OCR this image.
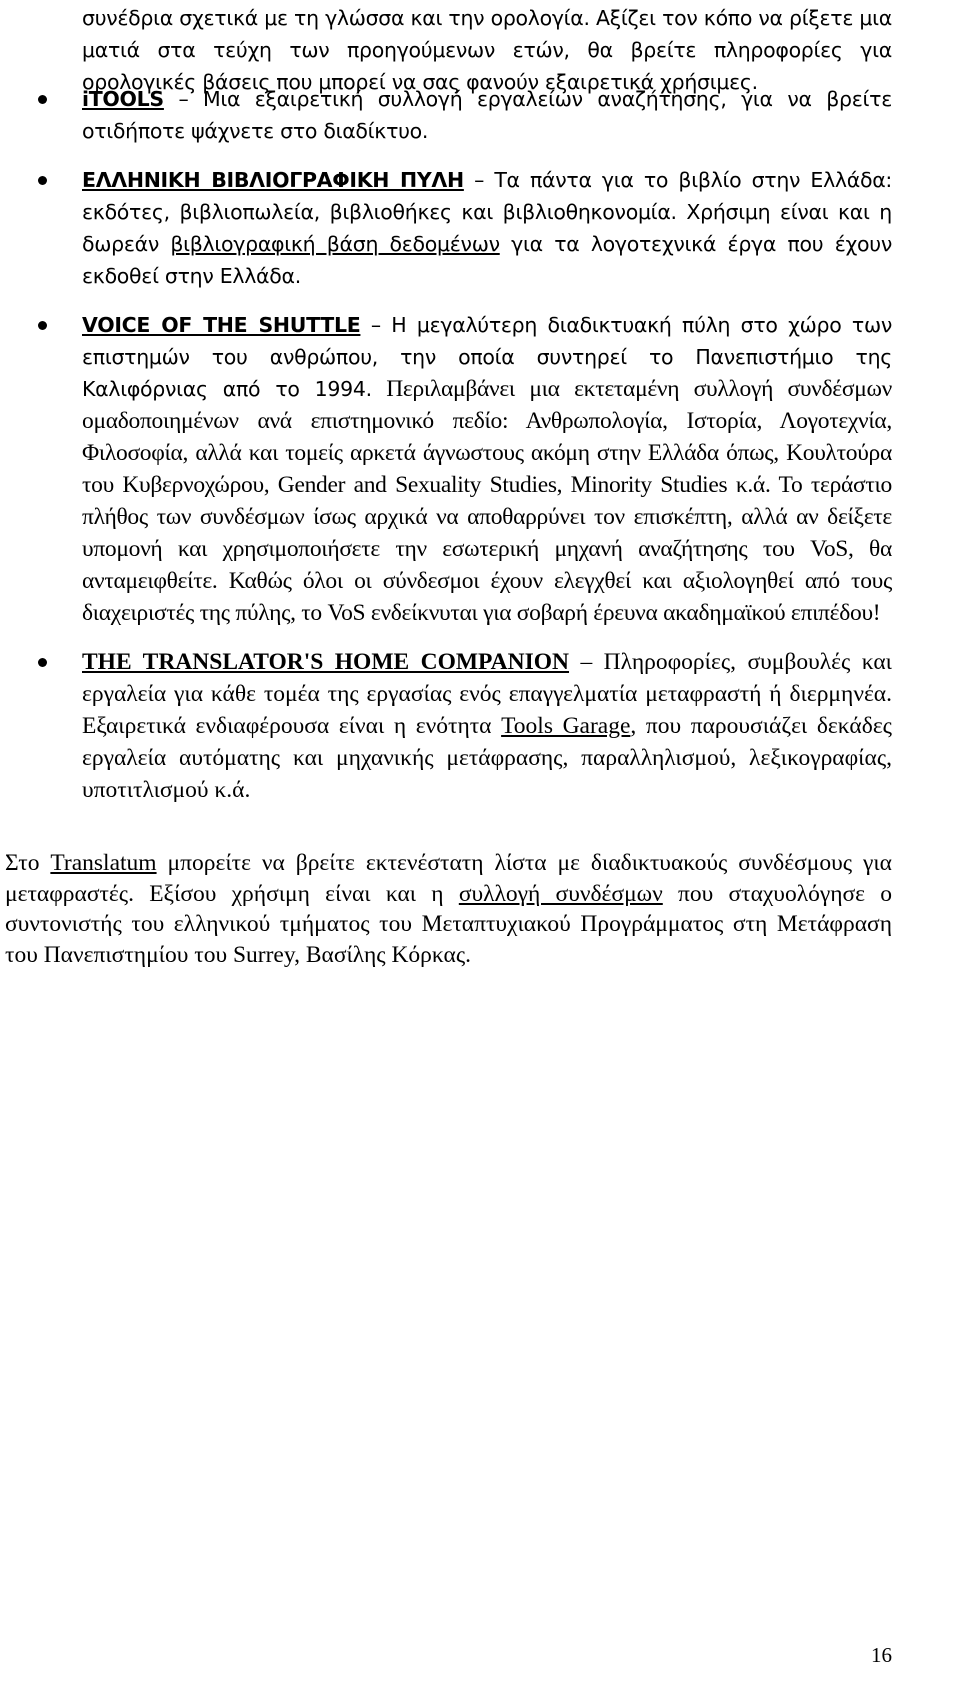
συνέδρια σχετικά με τη γλώσσα και την ορολογία. Αξίζει τον κόπο να ρίξετε μια ματιά στα τεύχη των προηγούμενων ετών, θα βρείτε πληροφορίες για ορολογικές βάσεις που μπορεί να σας φανούν εξαιρετικά χρήσιμες.

iTOOLS – Μια εξαιρετική συλλογή εργαλείων αναζήτησης, για να βρείτε οτιδήποτε ψάχνετε στο διαδίκτυο.
ΕΛΛΗΝΙΚΗ ΒΙΒΛΙΟΓΡΑΦΙΚΗ ΠΥΛΗ – Τα πάντα για το βιβλίο στην Ελλάδα: εκδότες, βιβλιοπωλεία, βιβλιοθήκες και βιβλιοθηκονομία. Χρήσιμη είναι και η δωρεάν βιβλιογραφική βάση δεδομένων για τα λογοτεχνικά έργα που έχουν εκδοθεί στην Ελλάδα.
VOICE OF THE SHUTTLE – Η μεγαλύτερη διαδικτυακή πύλη στο χώρο των επιστημών του ανθρώπου, την οποία συντηρεί το Πανεπιστήμιο της Καλιφόρνιας από το 1994. Περιλαμβάνει μια εκτεταμένη συλλογή συνδέσμων ομαδοποιημένων ανά επιστημονικό πεδίο: Ανθρωπολογία, Ιστορία, Λογοτεχνία, Φιλοσοφία, αλλά και τομείς αρκετά άγνωστους ακόμη στην Ελλάδα όπως, Κουλτούρα του Κυβερνοχώρου, Gender and Sexuality Studies, Minority Studies κ.ά. Το τεράστιο πλήθος των συνδέσμων ίσως αρχικά να αποθαρρύνει τον επισκέπτη, αλλά αν δείξετε υπομονή και χρησιμοποιήσετε την εσωτερική μηχανή αναζήτησης του VoS, θα ανταμειφθείτε. Καθώς όλοι οι σύνδεσμοι έχουν ελεγχθεί και αξιολογηθεί από τους διαχειριστές της πύλης, το VoS ενδείκνυται για σοβαρή έρευνα ακαδημαϊκού επιπέδου!
THE TRANSLATOR'S HOME COMPANION – Πληροφορίες, συμβουλές και εργαλεία για κάθε τομέα της εργασίας ενός επαγγελματία μεταφραστή ή διερμηνέα. Εξαιρετικά ενδιαφέρουσα είναι η ενότητα Tools Garage, που παρουσιάζει δεκάδες εργαλεία αυτόματης και μηχανικής μετάφρασης, παραλληλισμού, λεξικογραφίας, υποτιτλισμού κ.ά.

Στο Translatum μπορείτε να βρείτε εκτενέστατη λίστα με διαδικτυακούς συνδέσμους για μεταφραστές. Εξίσου χρήσιμη είναι και η συλλογή συνδέσμων που σταχυολόγησε ο συντονιστής του ελληνικού τμήματος του Μεταπτυχιακού Προγράμματος στη Μετάφραση του Πανεπιστημίου του Surrey, Βασίλης Κόρκας.

16
